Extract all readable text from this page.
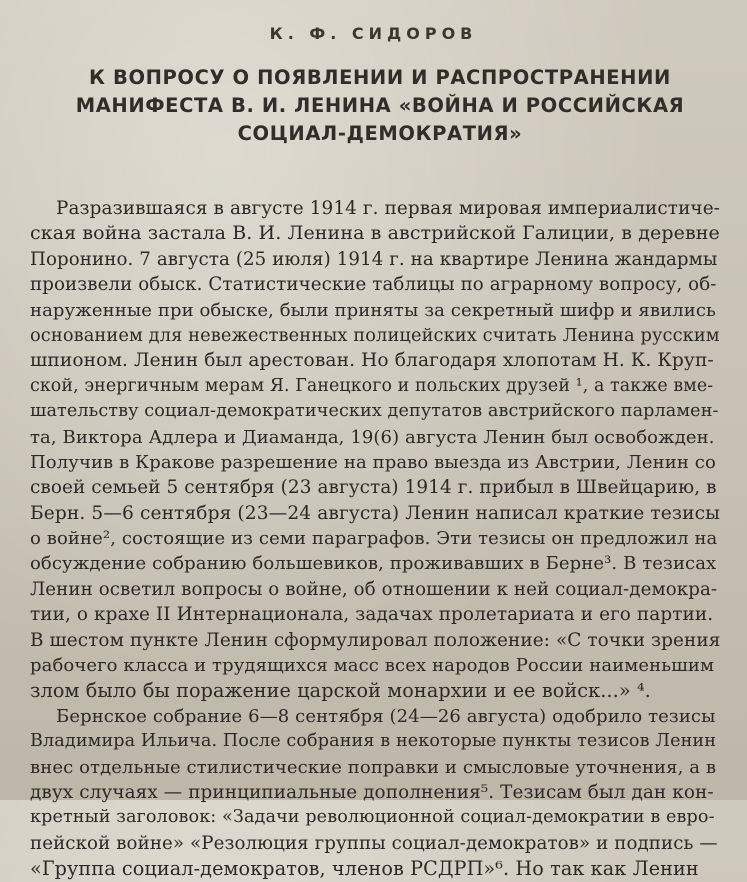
К. Ф. СИДОРОВ
К ВОПРОСУ О ПОЯВЛЕНИИ И РАСПРОСТРАНЕНИИ
МАНИФЕСТА В. И. ЛЕНИНА «ВОЙНА И РОССИЙСКАЯ
СОЦИАЛ-ДЕМОКРАТИЯ»
Разразившаяся в августе 1914 г. первая мировая империалистиче-
ская война застала В. И. Ленина в австрийской Галиции, в деревне
Поронино. 7 августа (25 июля) 1914 г. на квартире Ленина жандармы
произвели обыск. Статистические таблицы по аграрному вопросу, об-
наруженные при обыске, были приняты за секретный шифр и явились
основанием для невежественных полицейских считать Ленина русским
шпионом. Ленин был арестован. Но благодаря хлопотам Н. К. Круп-
ской, энергичным мерам Я. Ганецкого и польских друзей ¹, а также вме-
шательству социал-демократических депутатов австрийского парламен-
та, Виктора Адлера и Диаманда, 19(6) августа Ленин был освобожден.
Получив в Кракове разрешение на право выезда из Австрии, Ленин со
своей семьей 5 сентября (23 августа) 1914 г. прибыл в Швейцарию, в
Берн. 5—6 сентября (23—24 августа) Ленин написал краткие тезисы
о войне², состоящие из семи параграфов. Эти тезисы он предложил на
обсуждение собранию большевиков, проживавших в Берне³. В тезисах
Ленин осветил вопросы о войне, об отношении к ней социал-демокра-
тии, о крахе II Интернационала, задачах пролетариата и его партии.
В шестом пункте Ленин сформулировал положение: «С точки зрения
рабочего класса и трудящихся масс всех народов России наименьшим
злом было бы поражение царской монархии и ее войск...» ⁴.
Бернское собрание 6—8 сентября (24—26 августа) одобрило тезисы
Владимира Ильича. После собрания в некоторые пункты тезисов Ленин
внес отдельные стилистические поправки и смысловые уточнения, а в
двух случаях — принципиальные дополнения⁵. Тезисам был дан кон-
кретный заголовок: «Задачи революционной социал-демократии в евро-
пейской войне» «Резолюция группы социал-демократов» и подпись —
«Группа социал-демократов, членов РСДРП»⁶. Но так как Ленин
